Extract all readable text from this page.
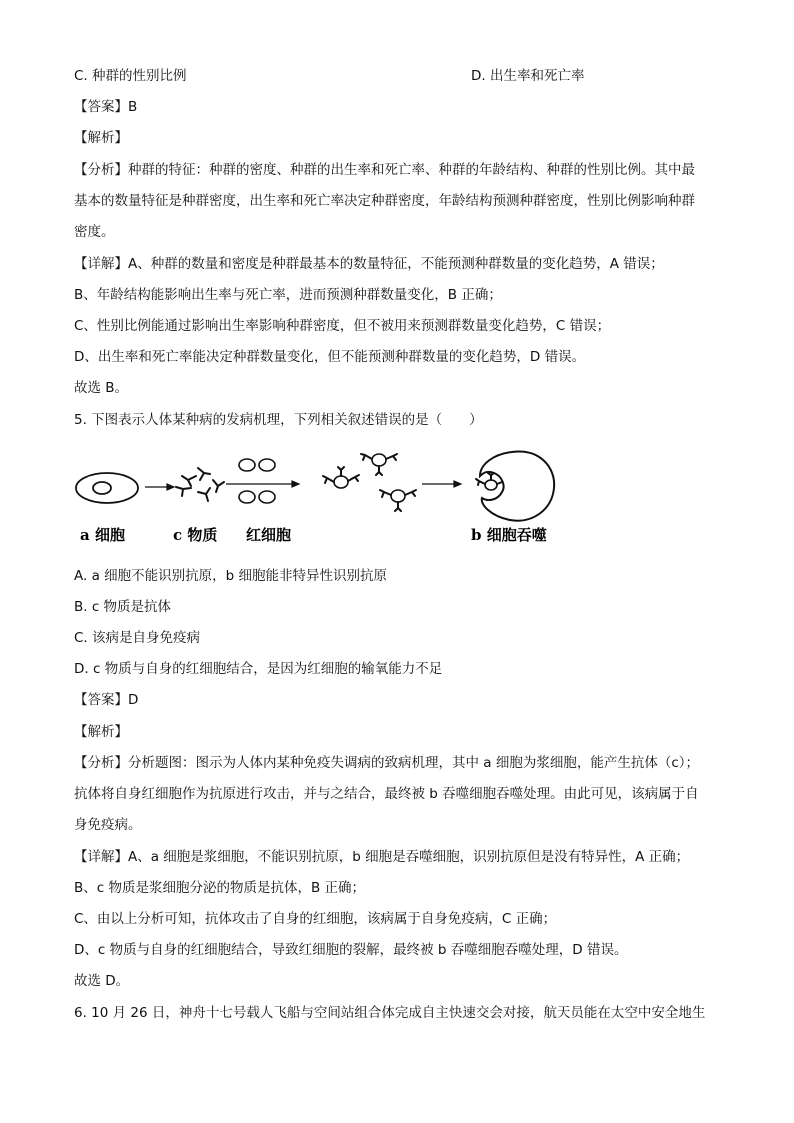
C. 种群的性别比例	D. 出生率和死亡率
【答案】B
【解析】
【分析】种群的特征：种群的密度、种群的出生率和死亡率、种群的年龄结构、种群的性别比例。其中最
基本的数量特征是种群密度，出生率和死亡率决定种群密度，年龄结构预测种群密度，性别比例影响种群
密度。
【详解】A、种群的数量和密度是种群最基本的数量特征，不能预测种群数量的变化趋势，A 错误；
B、年龄结构能影响出生率与死亡率，进而预测种群数量变化，B 正确；
C、性别比例能通过影响出生率影响种群密度，但不被用来预测群数量变化趋势，C 错误；
D、出生率和死亡率能决定种群数量变化，但不能预测种群数量的变化趋势，D 错误。
故选 B。
5. 下图表示人体某种病的发病机理，下列相关叙述错误的是（　　）
a 细胞	c 物质 红细胞	b 细胞吞噬
A. a 细胞不能识别抗原，b 细胞能非特异性识别抗原
B. c 物质是抗体
C. 该病是自身免疫病
D. c 物质与自身的红细胞结合，是因为红细胞的输氧能力不足
【答案】D
【解析】
【分析】分析题图：图示为人体内某种免疫失调病的致病机理，其中 a 细胞为浆细胞，能产生抗体（c）；
抗体将自身红细胞作为抗原进行攻击，并与之结合，最终被 b 吞噬细胞吞噬处理。由此可见，该病属于自
身免疫病。
【详解】A、a 细胞是浆细胞，不能识别抗原，b 细胞是吞噬细胞，识别抗原但是没有特异性，A 正确；
B、c 物质是浆细胞分泌的物质是抗体，B 正确；
C、由以上分析可知，抗体攻击了自身的红细胞，该病属于自身免疫病，C 正确；
D、c 物质与自身的红细胞结合，导致红细胞的裂解，最终被 b 吞噬细胞吞噬处理，D 错误。
故选 D。
6. 10 月 26 日，神舟十七号载人飞船与空间站组合体完成自主快速交会对接，航天员能在太空中安全地生
